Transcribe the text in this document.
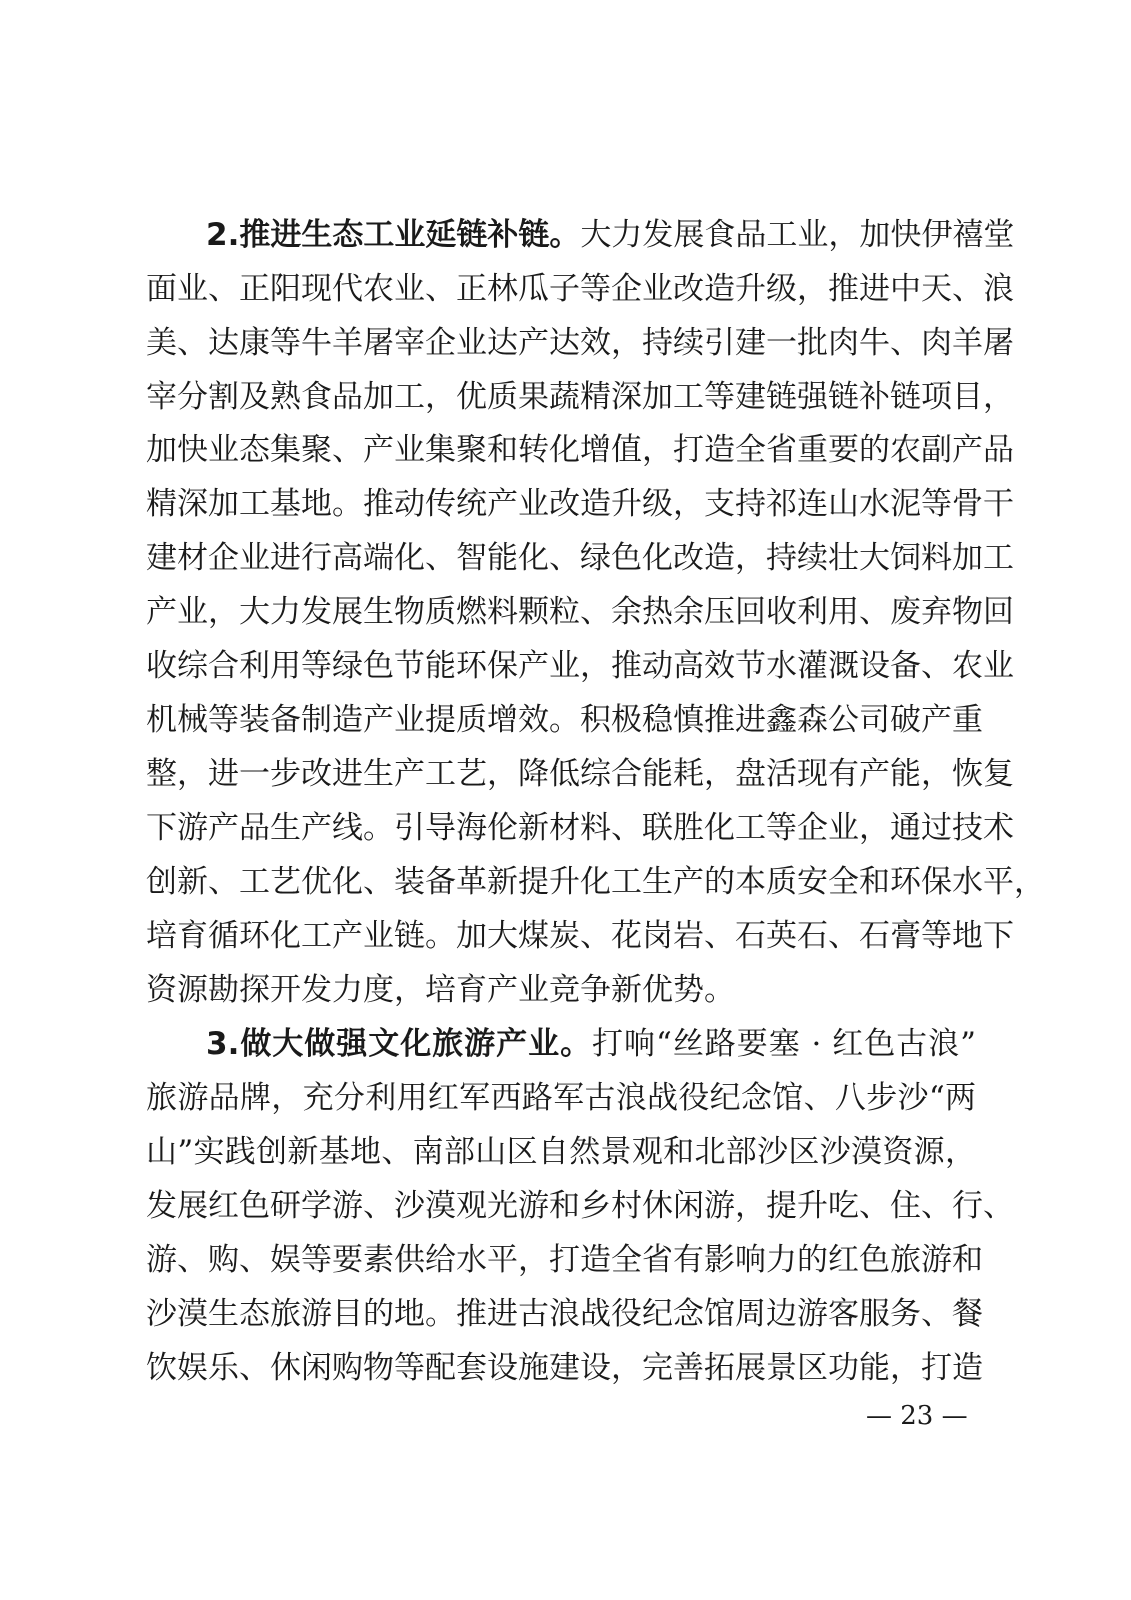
2.推进生态工业延链补链。大力发展食品工业，加快伊禧堂
面业、正阳现代农业、正林瓜子等企业改造升级，推进中天、浪
美、达康等牛羊屠宰企业达产达效，持续引建一批肉牛、肉羊屠
宰分割及熟食品加工，优质果蔬精深加工等建链强链补链项目，
加快业态集聚、产业集聚和转化增值，打造全省重要的农副产品
精深加工基地。推动传统产业改造升级，支持祁连山水泥等骨干
建材企业进行高端化、智能化、绿色化改造，持续壮大饲料加工
产业，大力发展生物质燃料颗粒、余热余压回收利用、废弃物回
收综合利用等绿色节能环保产业，推动高效节水灌溉设备、农业
机械等装备制造产业提质增效。积极稳慎推进鑫森公司破产重
整，进一步改进生产工艺，降低综合能耗，盘活现有产能，恢复
下游产品生产线。引导海伦新材料、联胜化工等企业，通过技术
创新、工艺优化、装备革新提升化工生产的本质安全和环保水平，
培育循环化工产业链。加大煤炭、花岗岩、石英石、石膏等地下
资源勘探开发力度，培育产业竞争新优势。
3.做大做强文化旅游产业。打响“丝路要塞 · 红色古浪”
旅游品牌，充分利用红军西路军古浪战役纪念馆、八步沙“两
山”实践创新基地、南部山区自然景观和北部沙区沙漠资源，
发展红色研学游、沙漠观光游和乡村休闲游，提升吃、住、行、
游、购、娱等要素供给水平，打造全省有影响力的红色旅游和
沙漠生态旅游目的地。推进古浪战役纪念馆周边游客服务、餐
饮娱乐、休闲购物等配套设施建设，完善拓展景区功能，打造
— 23 —
